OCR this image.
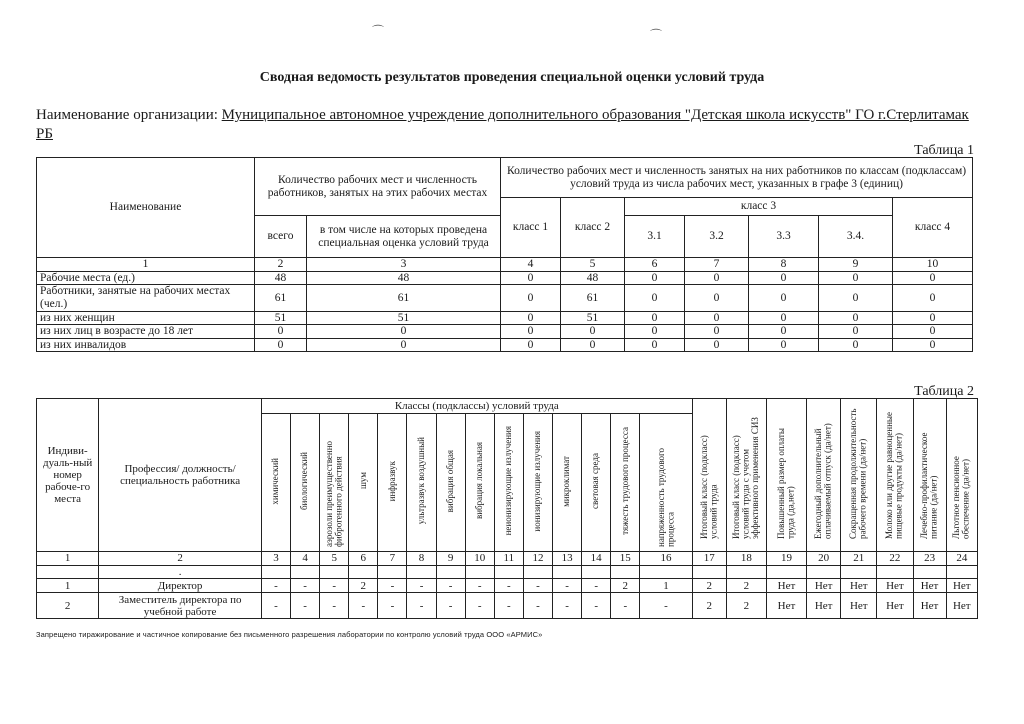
⌒	⌒
Сводная ведомость результатов проведения специальной оценки условий труда
Наименование организации: Муниципальное автономное учреждение дополнительного образования "Детская школа искусств" ГО г.Стерлитамак РБ
Таблица 1
Наименование	Количество рабочих мест и численность работников, занятых на этих рабочих местах		Количество рабочих мест и численность занятых на них работников по классам (подклассам) условий труда из числа рабочих мест, указанных в графе 3 (единиц)						
			класс 1	класс 2	класс 3				класс 4
	всего	в том числе на которых проведена специальная оценка условий труда			3.1	3.2	3.3	3.4.	
1	2	3	4	5	6	7	8	9	10
Рабочие места (ед.)	48	48	0	48	0	0	0	0	0
Работники, занятые на рабочих местах (чел.)	61	61	0	61	0	0	0	0	0
из них женщин	51	51	0	51	0	0	0	0	0
из них лиц в возрасте до 18 лет	0	0	0	0	0	0	0	0	0
из них инвалидов	0	0	0	0	0	0	0	0	0
Таблица 2
Индиви-дуаль-ный номер рабоче-го места	Профессия/ должность/ специальность работника	Классы (подклассы) условий труда														Итоговый класс (подкласс) условий труда	Итоговый класс (подкласс) условий труда с учетом эффективного применения СИЗ	Повышенный размер оплаты труда (да,нет)	Ежегодный дополнительный оплачиваемый отпуск (да/нет)	Сокращенная продолжительность рабочего времени (да/нет)	Молоко или другие равноценные пищевые продукты (да/нет)	Лечебно-профилактическое питание (да/нет)	Льготное пенсионное обеспечение (да/нет)
		химический	биологический	аэрозоли преимущественно фиброгенного действия	шум	инфразвук	ультразвук воздушный	вибрация общая	вибрация локальная	неионизирующие излучения	ионизирующие излучения	микроклимат	световая среда	тяжесть трудового процесса	напряженность трудового процесса								
1	2	3	4	5	6	7	8	9	10	11	12	13	14	15	16	17	18	19	20	21	22	23	24
	.																						
1	Директор	-	-	-	2	-	-	-	-	-	-	-	-	2	1	2	2	Нет	Нет	Нет	Нет	Нет	Нет
2	Заместитель директора по учебной работе	-	-	-	-	-	-	-	-	-	-	-	-	-	-	2	2	Нет	Нет	Нет	Нет	Нет	Нет
Запрещено тиражирование и частичное копирование без письменного разрешения лаборатории по контролю условий труда ООО «АРМИС»
